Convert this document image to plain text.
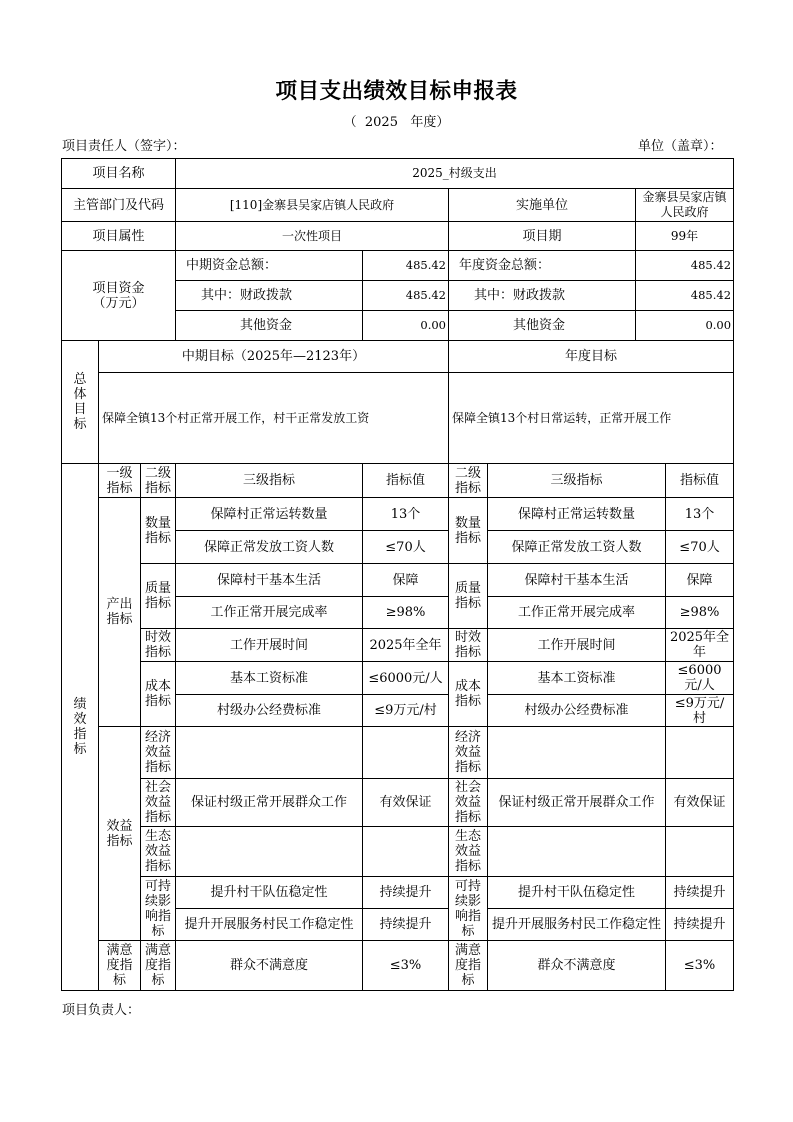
项目支出绩效目标申报表
（  2025   年度）
项目责任人（签字）：	单位（盖章）：
项目名称			2025_村级支出					
主管部门及代码			[110]金寨县吴家店镇人民政府		实施单位		金寨县吴家店镇人民政府	
项目属性			一次性项目		项目期		99年	

项目资金
（万元）			中期资金总额：	485.42	年度资金总额：		485.42	
			其中：财政拨款	485.42	其中：财政拨款		485.42	
			其他资金	0.00	其他资金		0.00	
总体目标	中期目标（2025年—2123年）				年度目标			
	保障全镇13个村正常开展工作，村干正常发放工资				保障全镇13个村日常运转，正常开展工作			
绩效指标	一级指标	二级指标	三级指标	指标值	二级指标	三级指标		指标值
	产出指标	数量指标	保障村正常运转数量	13个	数量指标	保障村正常运转数量		13个
			保障正常发放工资人数	≤70人		保障正常发放工资人数		≤70人
		质量指标	保障村干基本生活	保障	质量指标	保障村干基本生活		保障
			工作正常开展完成率	≥98%		工作正常开展完成率		≥98%
		时效指标	工作开展时间	2025年全年	时效指标	工作开展时间		2025年全年
		成本指标	基本工资标准	≤6000元/人	成本指标	基本工资标准		≤6000元/人
			村级办公经费标准	≤9万元/村		村级办公经费标准		≤9万元/村
	效益指标	经济效益指标			经济效益指标			
		社会效益指标	保证村级正常开展群众工作	有效保证	社会效益指标	保证村级正常开展群众工作		有效保证
		生态效益指标			生态效益指标			
		可持续影响指标	提升村干队伍稳定性	持续提升	可持续影响指标	提升村干队伍稳定性		持续提升
			提升开展服务村民工作稳定性	持续提升		提升开展服务村民工作稳定性		持续提升
	满意度指标	满意度指标	群众不满意度	≤3%	满意度指标	群众不满意度		≤3%
项目负责人：
